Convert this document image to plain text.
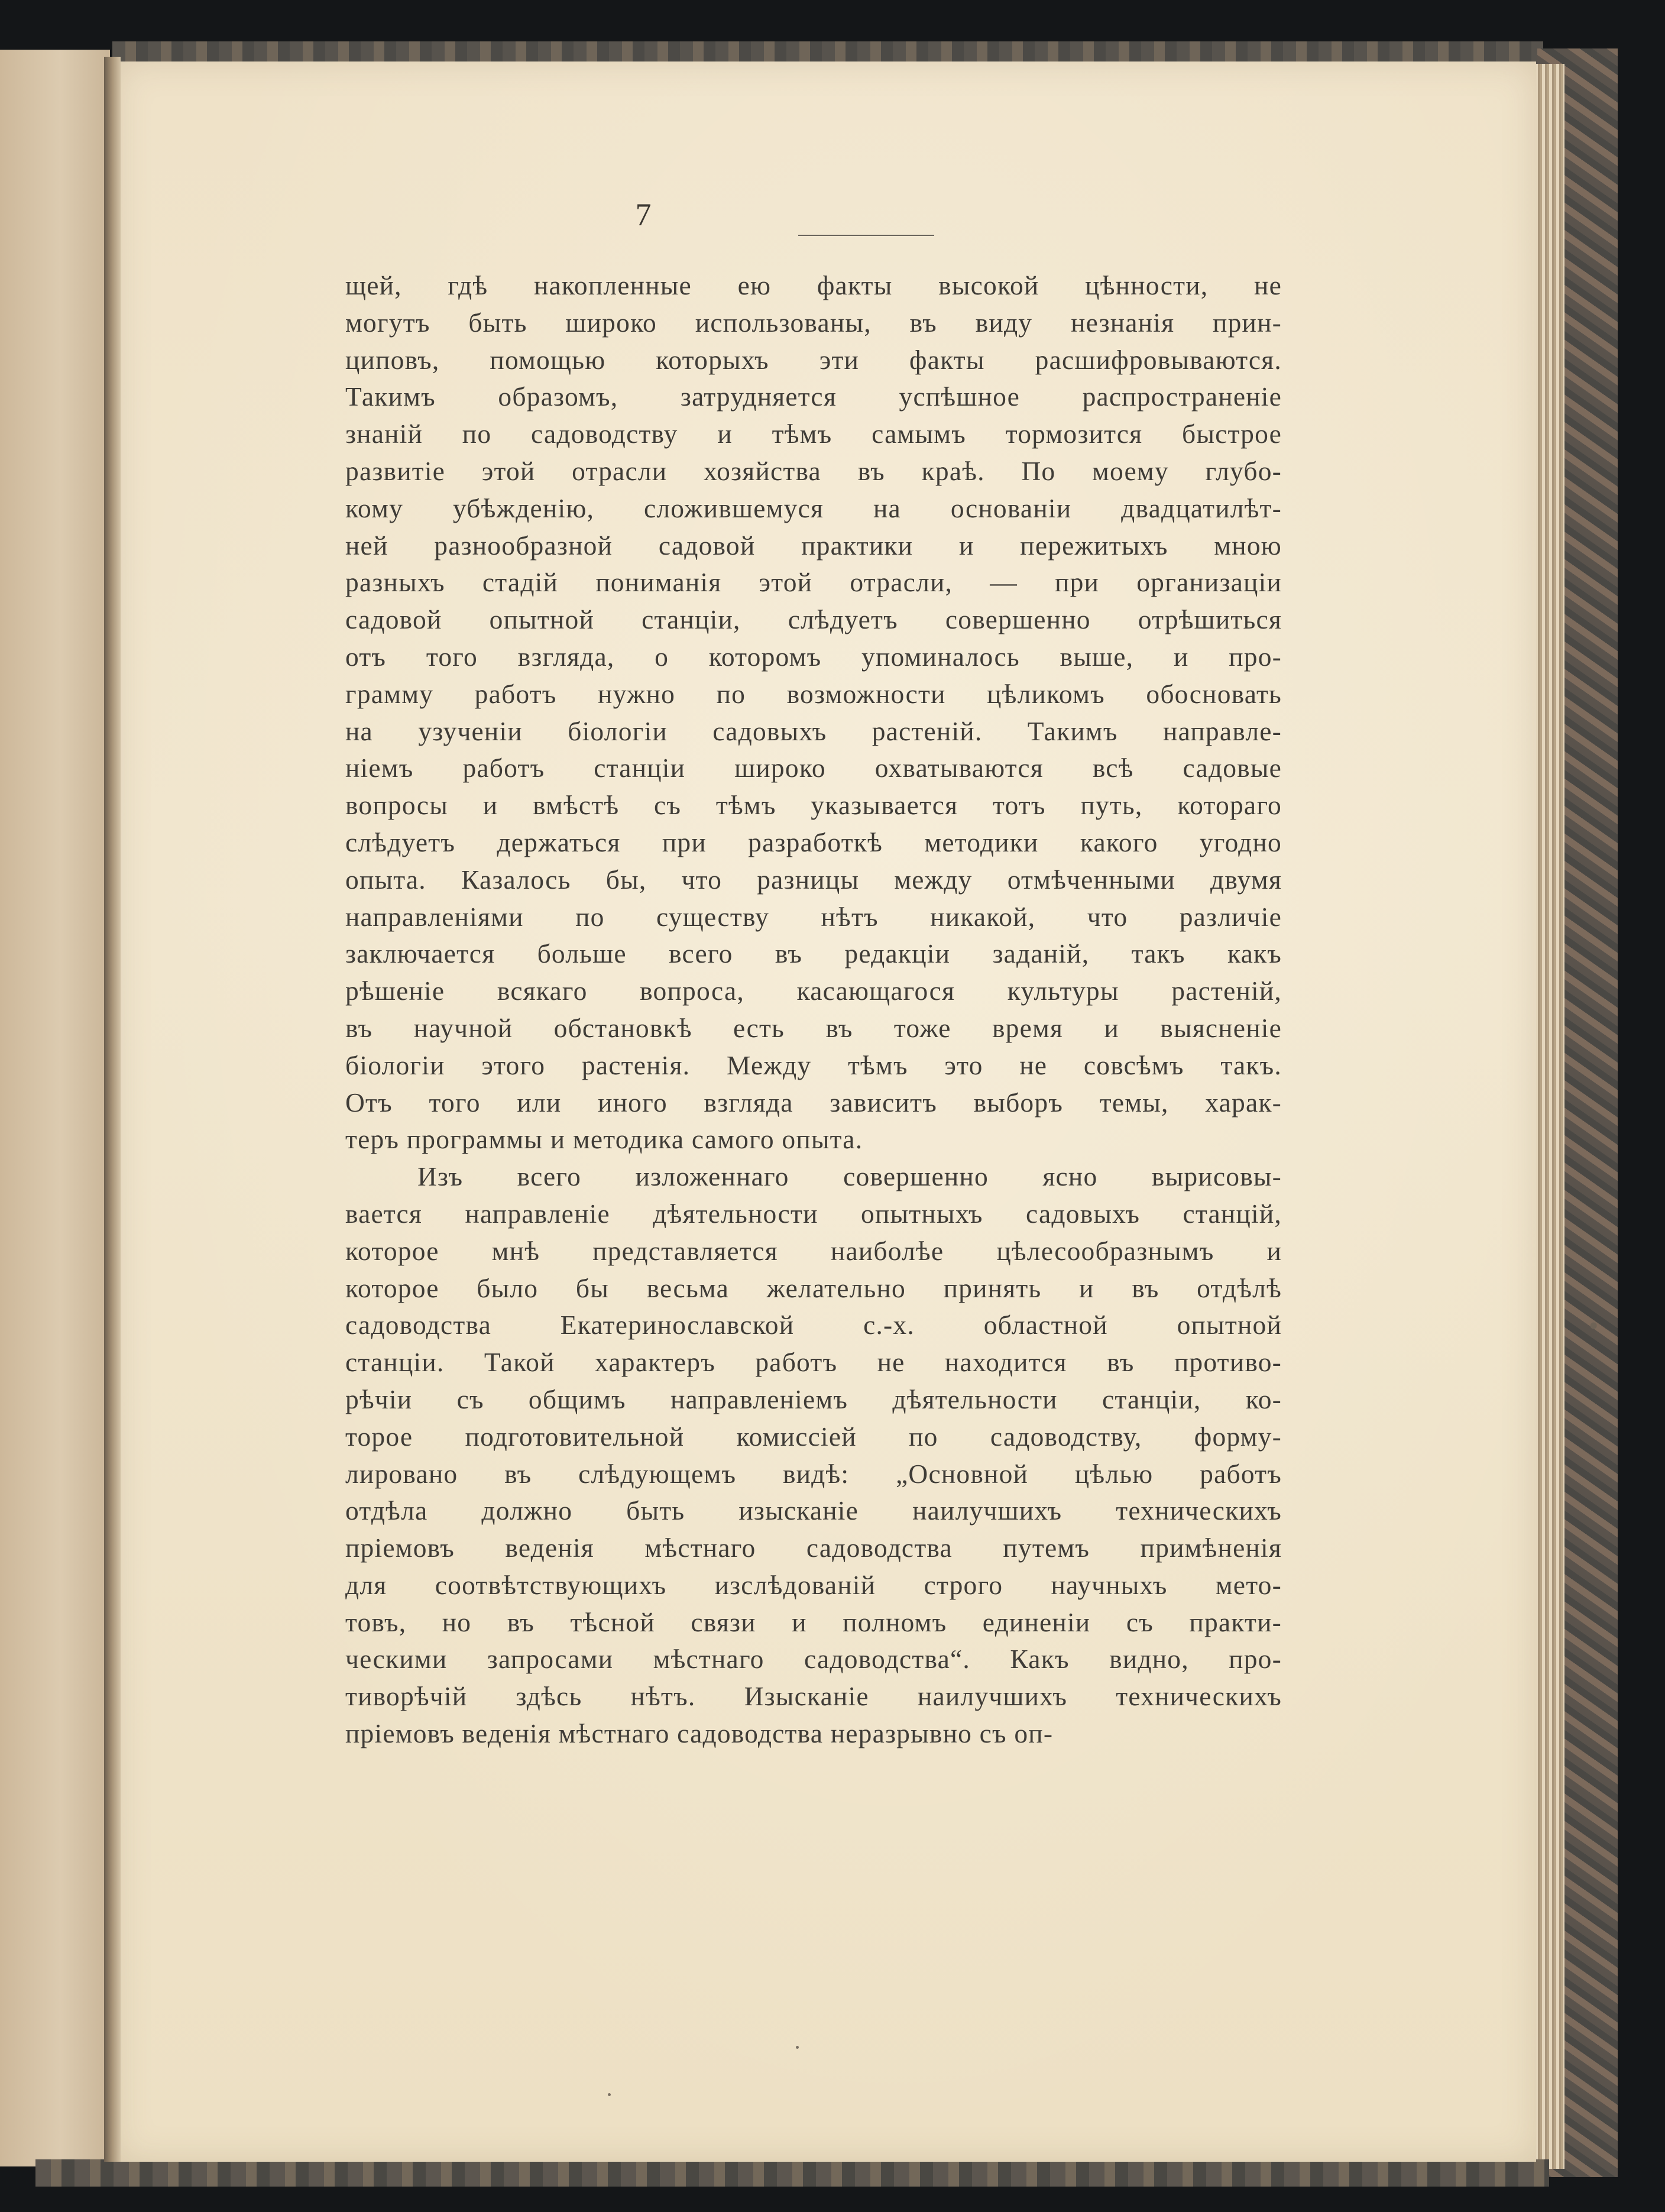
7
щей, гдѣ накопленные ею факты высокой цѣнности, не
могутъ быть широко использованы, въ виду незнанія прин-
циповъ, помощью которыхъ эти факты расшифровываются.
Такимъ образомъ, затрудняется успѣшное распространеніе
знаній по садоводству и тѣмъ самымъ тормозится быстрое
развитіе этой отрасли хозяйства въ краѣ. По моему глубо-
кому убѣжденію, сложившемуся на основаніи двадцатилѣт-
ней разнообразной садовой практики и пережитыхъ мною
разныхъ стадій пониманія этой отрасли, — при организаціи
садовой опытной станціи, слѣдуетъ совершенно отрѣшиться
отъ того взгляда, о которомъ упоминалось выше, и про-
грамму работъ нужно по возможности цѣликомъ обосновать
на узученіи біологіи садовыхъ растеній. Такимъ направле-
ніемъ работъ станціи широко охватываются всѣ садовые
вопросы и вмѣстѣ съ тѣмъ указывается тотъ путь, котораго
слѣдуетъ держаться при разработкѣ методики какого угодно
опыта. Казалось бы, что разницы между отмѣченными двумя
направленіями по существу нѣтъ никакой, что различіе
заключается больше всего въ редакціи заданій, такъ какъ
рѣшеніе всякаго вопроса, касающагося культуры растеній,
въ научной обстановкѣ есть въ тоже время и выясненіе
біологіи этого растенія. Между тѣмъ это не совсѣмъ такъ.
Отъ того или иного взгляда зависитъ выборъ темы, харак-
теръ программы и методика самого опыта.
Изъ всего изложеннаго совершенно ясно вырисовы-
вается направленіе дѣятельности опытныхъ садовыхъ станцій,
которое мнѣ представляется наиболѣе цѣлесообразнымъ и
которое было бы весьма желательно принять и въ отдѣлѣ
садоводства Екатеринославской с.-х. областной опытной
станціи. Такой характеръ работъ не находится въ противо-
рѣчіи съ общимъ направленіемъ дѣятельности станціи, ко-
торое подготовительной комиссіей по садоводству, форму-
лировано въ слѣдующемъ видѣ: „Основной цѣлью работъ
отдѣла должно быть изысканіе наилучшихъ техническихъ
пріемовъ веденія мѣстнаго садоводства путемъ примѣненія
для соотвѣтствующихъ изслѣдованій строго научныхъ мето-
товъ, но въ тѣсной связи и полномъ единеніи съ практи-
ческими запросами мѣстнаго садоводства“. Какъ видно, про-
тиворѣчій здѣсь нѣтъ. Изысканіе наилучшихъ техническихъ
пріемовъ веденія мѣстнаго садоводства неразрывно съ оп-
